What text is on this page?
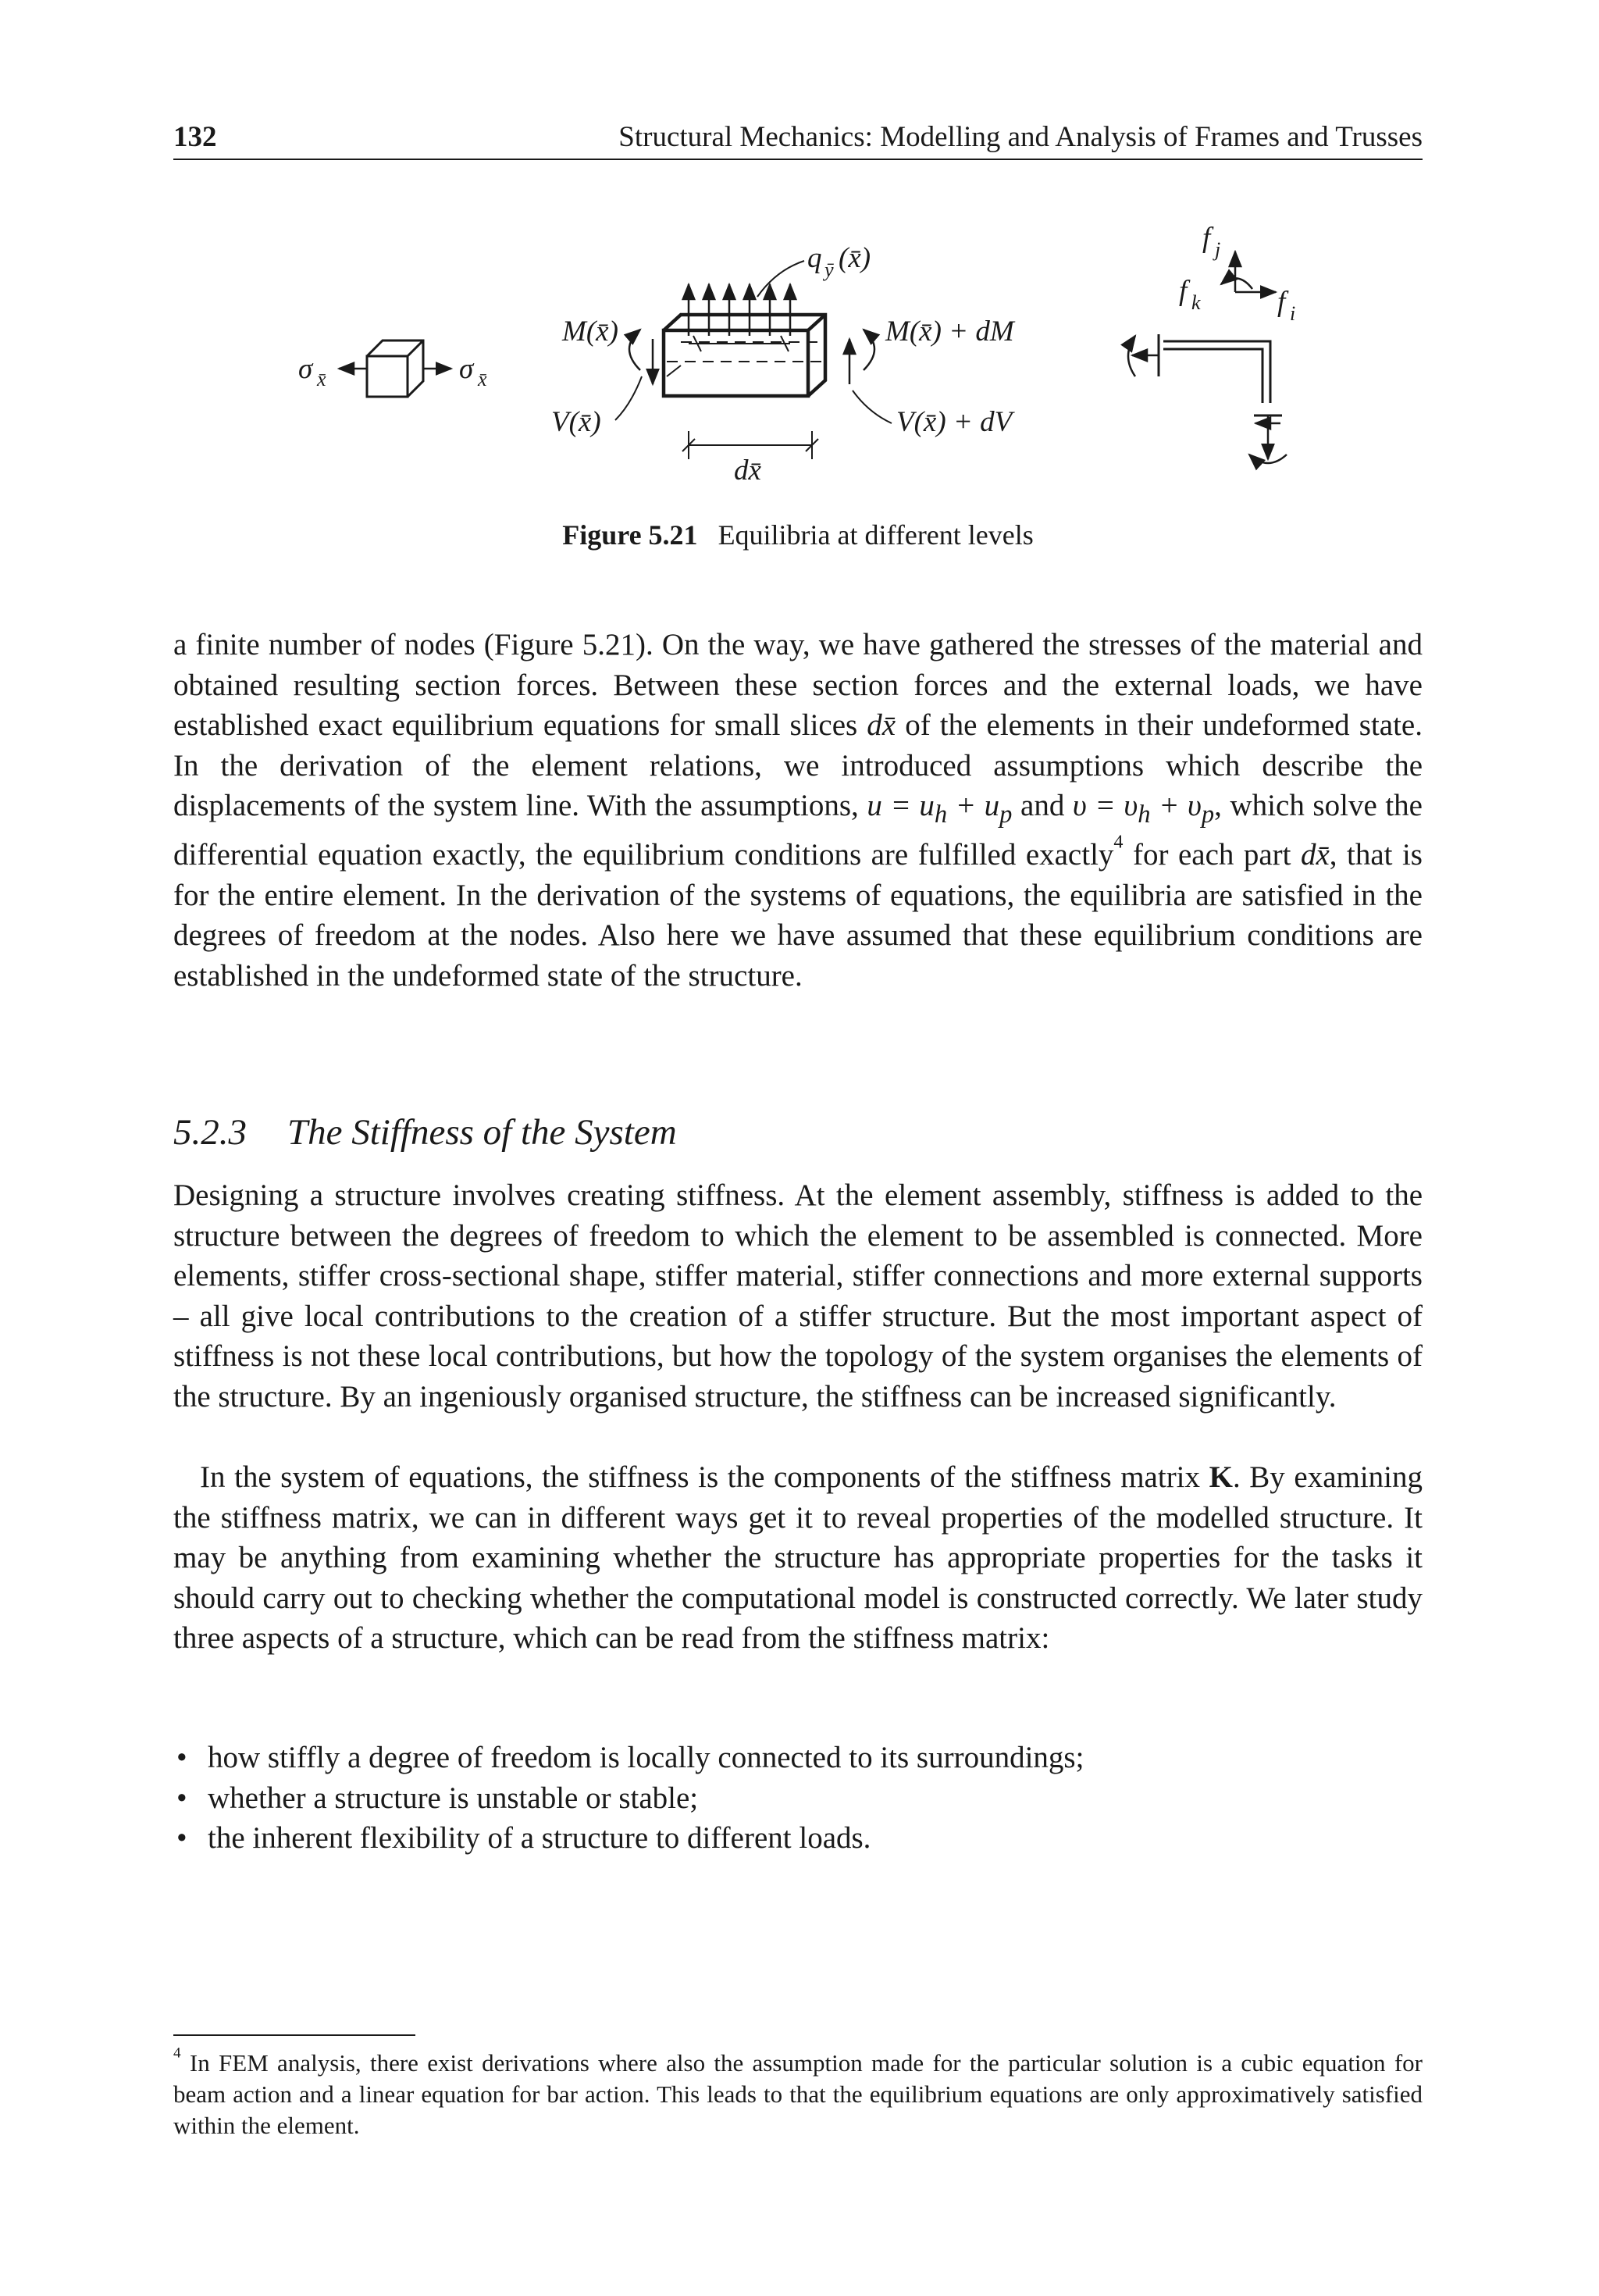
132	Structural Mechanics: Modelling and Analysis of Frames and Trusses
σ x̄	σ x̄
q ȳ (x̄)
M(x̄)
V(x̄)
M(x̄) + dM
V(x̄) + dV
dx̄
f j
f k	f i
Figure 5.21 Equilibria at different levels

a finite number of nodes (Figure 5.21). On the way, we have gathered the stresses of the material and obtained resulting section forces. Between these section forces and the external loads, we have established exact equilibrium equations for small slices dx̄ of the elements in their undeformed state. In the derivation of the element relations, we introduced assumptions which describe the displacements of the system line. With the assumptions, $u = u_h + u_p$ and $\upsilon = \upsilon_h + \upsilon_p$, which solve the differential equation exactly, the equilibrium conditions are fulfilled exactly$^4$ for each part dx̄, that is for the entire element. In the derivation of the systems of equations, the equilibria are satisfied in the degrees of freedom at the nodes. Also here we have assumed that these equilibrium conditions are established in the undeformed state of the structure.

5.2.3 The Stiffness of the System

Designing a structure involves creating stiffness. At the element assembly, stiffness is added to the structure between the degrees of freedom to which the element to be assembled is connected. More elements, stiffer cross-sectional shape, stiffer material, stiffer connections and more external supports – all give local contributions to the creation of a stiffer structure. But the most important aspect of stiffness is not these local contributions, but how the topology of the system organises the elements of the structure. By an ingeniously organised structure, the stiffness can be increased significantly.

In the system of equations, the stiffness is the components of the stiffness matrix K. By examining the stiffness matrix, we can in different ways get it to reveal properties of the modelled structure. It may be anything from examining whether the structure has appropriate properties for the tasks it should carry out to checking whether the computational model is constructed correctly. We later study three aspects of a structure, which can be read from the stiffness matrix:

• how stiffly a degree of freedom is locally connected to its surroundings;
• whether a structure is unstable or stable;
• the inherent flexibility of a structure to different loads.

$^4$ In FEM analysis, there exist derivations where also the assumption made for the particular solution is a cubic equation for beam action and a linear equation for bar action. This leads to that the equilibrium equations are only approximatively satisfied within the element.
